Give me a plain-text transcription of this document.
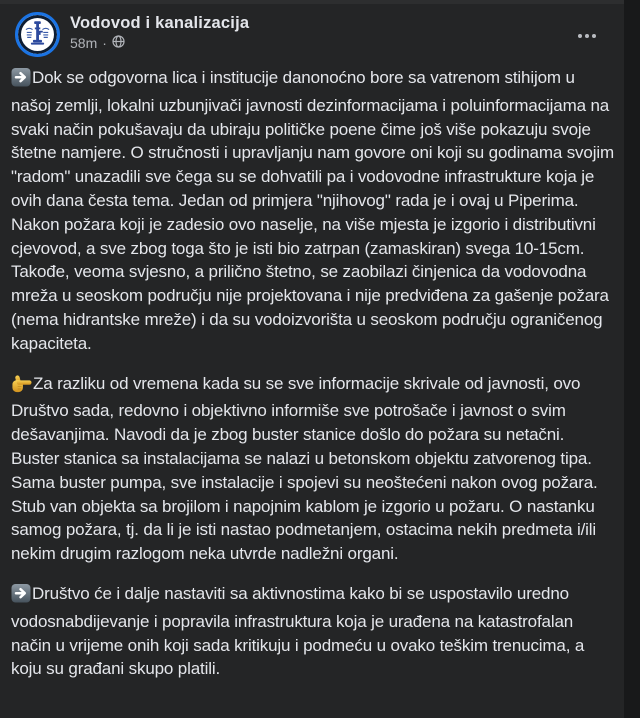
Vodovod i kanalizacija
58m ·

Dok se odgovorna lica i institucije danonoćno bore sa vatrenom stihijom u našoj zemlji, lokalni uzbunjivači javnosti dezinformacijama i poluinformacijama na svaki način pokušavaju da ubiraju političke poene čime još više pokazuju svoje štetne namjere. O stručnosti i upravljanju nam govore oni koji su godinama svojim "radom" unazadili sve čega su se dohvatili pa i vodovodne infrastrukture koja je ovih dana česta tema. Jedan od primjera "njihovog" rada je i ovaj u Piperima. Nakon požara koji je zadesio ovo naselje, na više mjesta je izgorio i distributivni cjevovod, a sve zbog toga što je isti bio zatrpan (zamaskiran) svega 10-15cm. Takođe, veoma svjesno, a prilično štetno, se zaobilazi činjenica da vodovodna mreža u seoskom području nije projektovana i nije predviđena za gašenje požara (nema hidrantske mreže) i da su vodoizvorišta u seoskom području ograničenog kapaciteta.

Za razliku od vremena kada su se sve informacije skrivale od javnosti, ovo Društvo sada, redovno i objektivno informiše sve potrošače i javnost o svim dešavanjima. Navodi da je zbog buster stanice došlo do požara su netačni. Buster stanica sa instalacijama se nalazi u betonskom objektu zatvorenog tipa. Sama buster pumpa, sve instalacije i spojevi su neoštećeni nakon ovog požara. Stub van objekta sa brojilom i napojnim kablom je izgorio u požaru. O nastanku samog požara, tj. da li je isti nastao podmetanjem, ostacima nekih predmeta i/ili nekim drugim razlogom neka utvrde nadležni organi.

Društvo će i dalje nastaviti sa aktivnostima kako bi se uspostavilo uredno vodosnabdijevanje i popravila infrastruktura koja je urađena na katastrofalan način u vrijeme onih koji sada kritikuju i podmeću u ovako teškim trenucima, a koju su građani skupo platili.
